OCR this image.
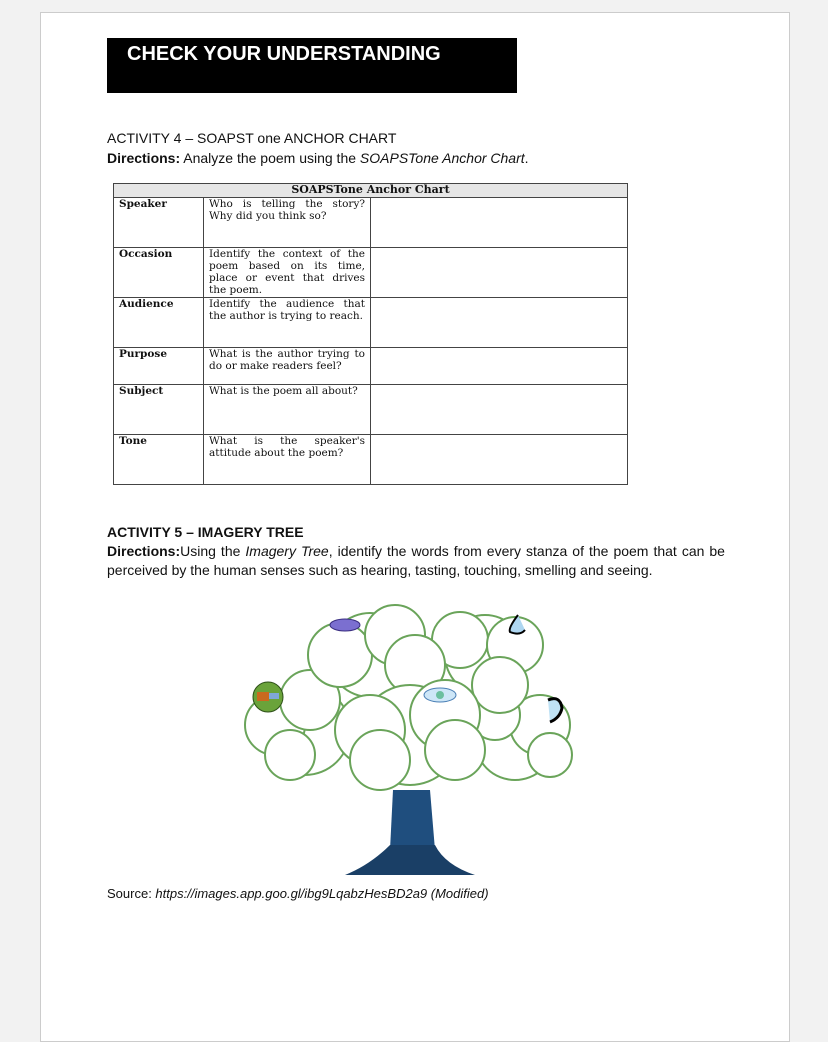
CHECK YOUR UNDERSTANDING
ACTIVITY 4 – SOAPST one ANCHOR CHART
Directions: Analyze the poem using the SOAPSTone Anchor Chart.
SOAPSTone Anchor Chart		
Speaker	Who is telling the story? Why did you think so?	
Occasion	Identify the context of the poem based on its time, place or event that drives the poem.	
Audience	Identify the audience that the author is trying to reach.	
Purpose	What is the author trying to do or make readers feel?	
Subject	What is the poem all about?	
Tone	What is the speaker's attitude about the poem?	
ACTIVITY 5 – IMAGERY TREE
Directions:Using the Imagery Tree, identify the words from every stanza of the poem that can be perceived by the human senses such as hearing, tasting, touching, smelling and seeing.
Source: https://images.app.goo.gl/ibg9LqabzHesBD2a9 (Modified)
